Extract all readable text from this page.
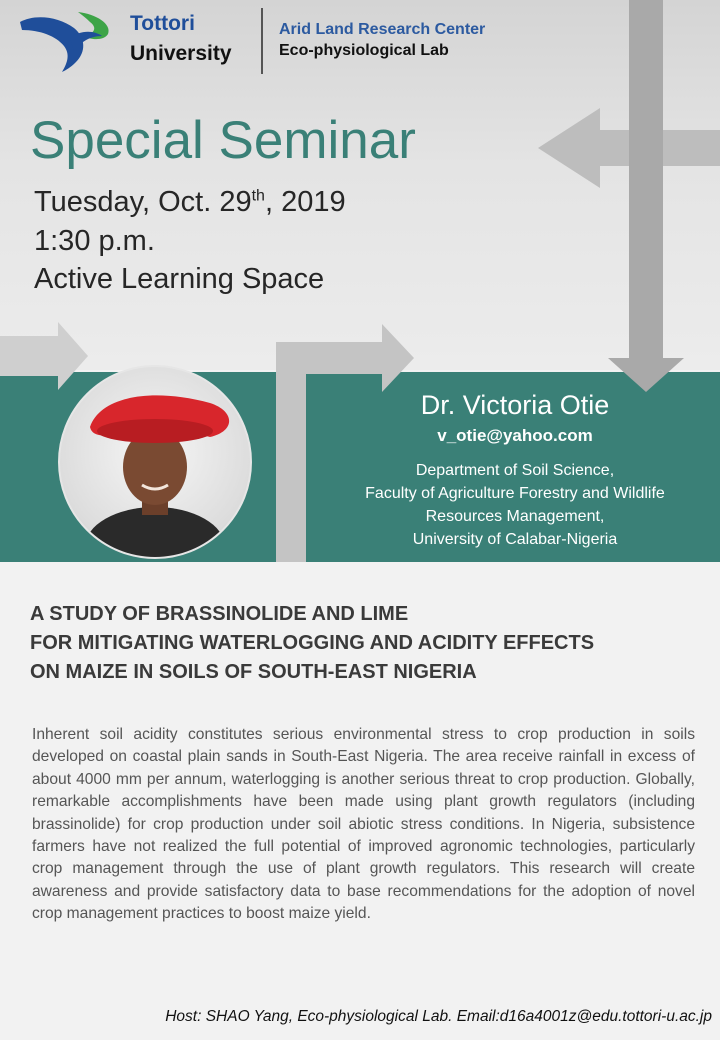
Tottori
University
Arid Land Research Center
Eco-physiological Lab
Special Seminar
Tuesday, Oct. 29th, 2019
1:30 p.m.
Active Learning Space
Dr. Victoria Otie
v_otie@yahoo.com
Department of Soil Science,
Faculty of Agriculture Forestry and Wildlife
Resources Management,
University of Calabar-Nigeria
A STUDY OF BRASSINOLIDE AND LIME
FOR MITIGATING WATERLOGGING AND ACIDITY EFFECTS
ON MAIZE IN SOILS OF SOUTH-EAST NIGERIA
Inherent soil acidity constitutes serious environmental stress to crop production in soils developed on coastal plain sands in South-East Nigeria. The area receive rainfall in excess of about 4000 mm per annum, waterlogging is another serious threat to crop production. Globally, remarkable accomplishments have been made using plant growth regulators (including brassinolide) for crop production under soil abiotic stress conditions. In Nigeria, subsistence farmers have not realized the full potential of improved agronomic technologies, particularly crop management through the use of plant growth regulators. This research will create awareness and provide satisfactory data to base recommendations for the adoption of novel crop management practices to boost maize yield.
Host: SHAO Yang, Eco-physiological Lab. Email:d16a4001z@edu.tottori-u.ac.jp
